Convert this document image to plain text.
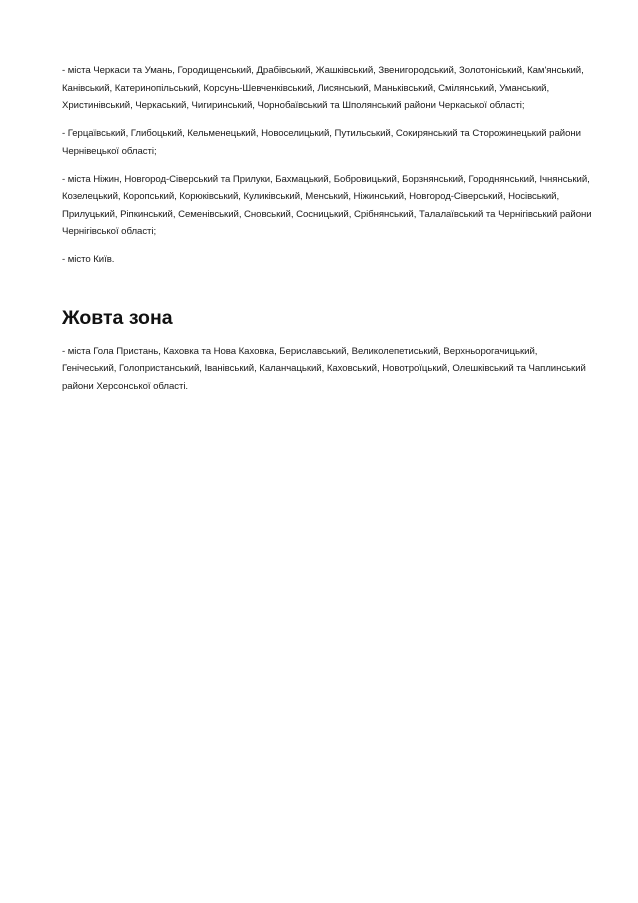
- міста Черкаси та Умань, Городищенський, Драбівський, Жашківський, Звенигородський, Золотоніський, Кам'янський, Канівський, Катеринопільський, Корсунь-Шевченківський, Лисянський, Маньківський, Смілянський, Уманський, Христинівський, Черкаський, Чигиринський, Чорнобаївський та Шполянський райони Черкаської області;

- Герцаївський, Глибоцький, Кельменецький, Новоселицький, Путильський, Сокирянський та Сторожинецький райони Чернівецької області;

- міста Ніжин, Новгород-Сіверський та Прилуки, Бахмацький, Бобровицький, Борзнянський, Городнянський, Ічнянський, Козелецький, Коропський, Корюківський, Куликівський, Менський, Ніжинський, Новгород-Сіверський, Носівський, Прилуцький, Ріпкинський, Семенівський, Сновський, Сосницький, Срібнянський, Талалаївський та Чернігівський райони Чернігівської області;

- місто Київ.

Жовта зона

- міста Гола Пристань, Каховка та Нова Каховка, Бериславський, Великолепетиський, Верхньорогачицький, Генічеський, Голопристанський, Іванівський, Каланчацький, Каховський, Новотроїцький, Олешківський та Чаплинський райони Херсонської області.
